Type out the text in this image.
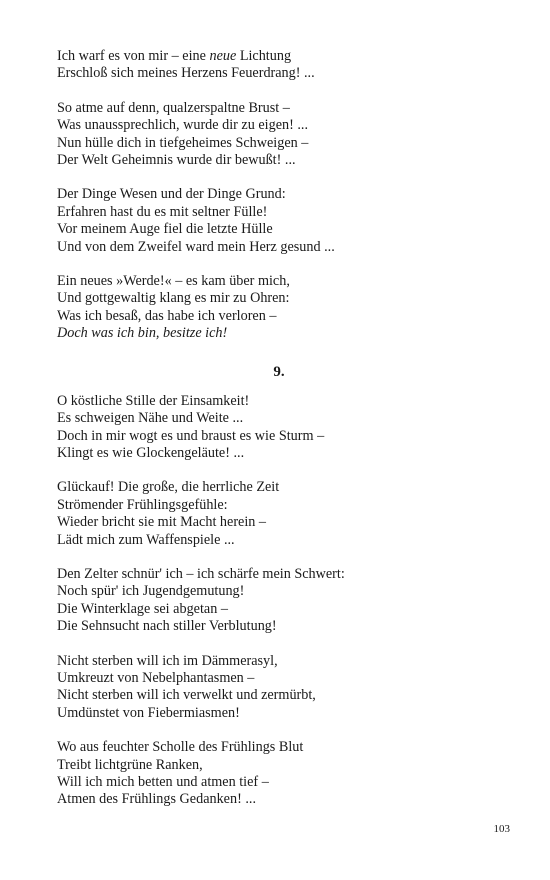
Ich warf es von mir – eine neue Lichtung
Erschloß sich meines Herzens Feuerdrang! ...
So atme auf denn, qualzerspaltne Brust –
Was unaussprechlich, wurde dir zu eigen! ...
Nun hülle dich in tiefgeheimes Schweigen –
Der Welt Geheimnis wurde dir bewußt! ...
Der Dinge Wesen und der Dinge Grund:
Erfahren hast du es mit seltner Fülle!
Vor meinem Auge fiel die letzte Hülle
Und von dem Zweifel ward mein Herz gesund ...
Ein neues »Werde!« – es kam über mich,
Und gottgewaltig klang es mir zu Ohren:
Was ich besaß, das habe ich verloren –
Doch was ich bin, besitze ich!
9.
O köstliche Stille der Einsamkeit!
Es schweigen Nähe und Weite ...
Doch in mir wogt es und braust es wie Sturm –
Klingt es wie Glockengeläute! ...
Glückauf! Die große, die herrliche Zeit
Strömender Frühlingsgefühle:
Wieder bricht sie mit Macht herein –
Lädt mich zum Waffenspiele ...
Den Zelter schnür' ich – ich schärfe mein Schwert:
Noch spür' ich Jugendgemutung!
Die Winterklage sei abgetan –
Die Sehnsucht nach stiller Verblutung!
Nicht sterben will ich im Dämmerasyl,
Umkreuzt von Nebelphantasmen –
Nicht sterben will ich verwelkt und zermürbt,
Umdünstet von Fiebermiasmen!
Wo aus feuchter Scholle des Frühlings Blut
Treibt lichtgrüne Ranken,
Will ich mich betten und atmen tief –
Atmen des Frühlings Gedanken! ...
103
